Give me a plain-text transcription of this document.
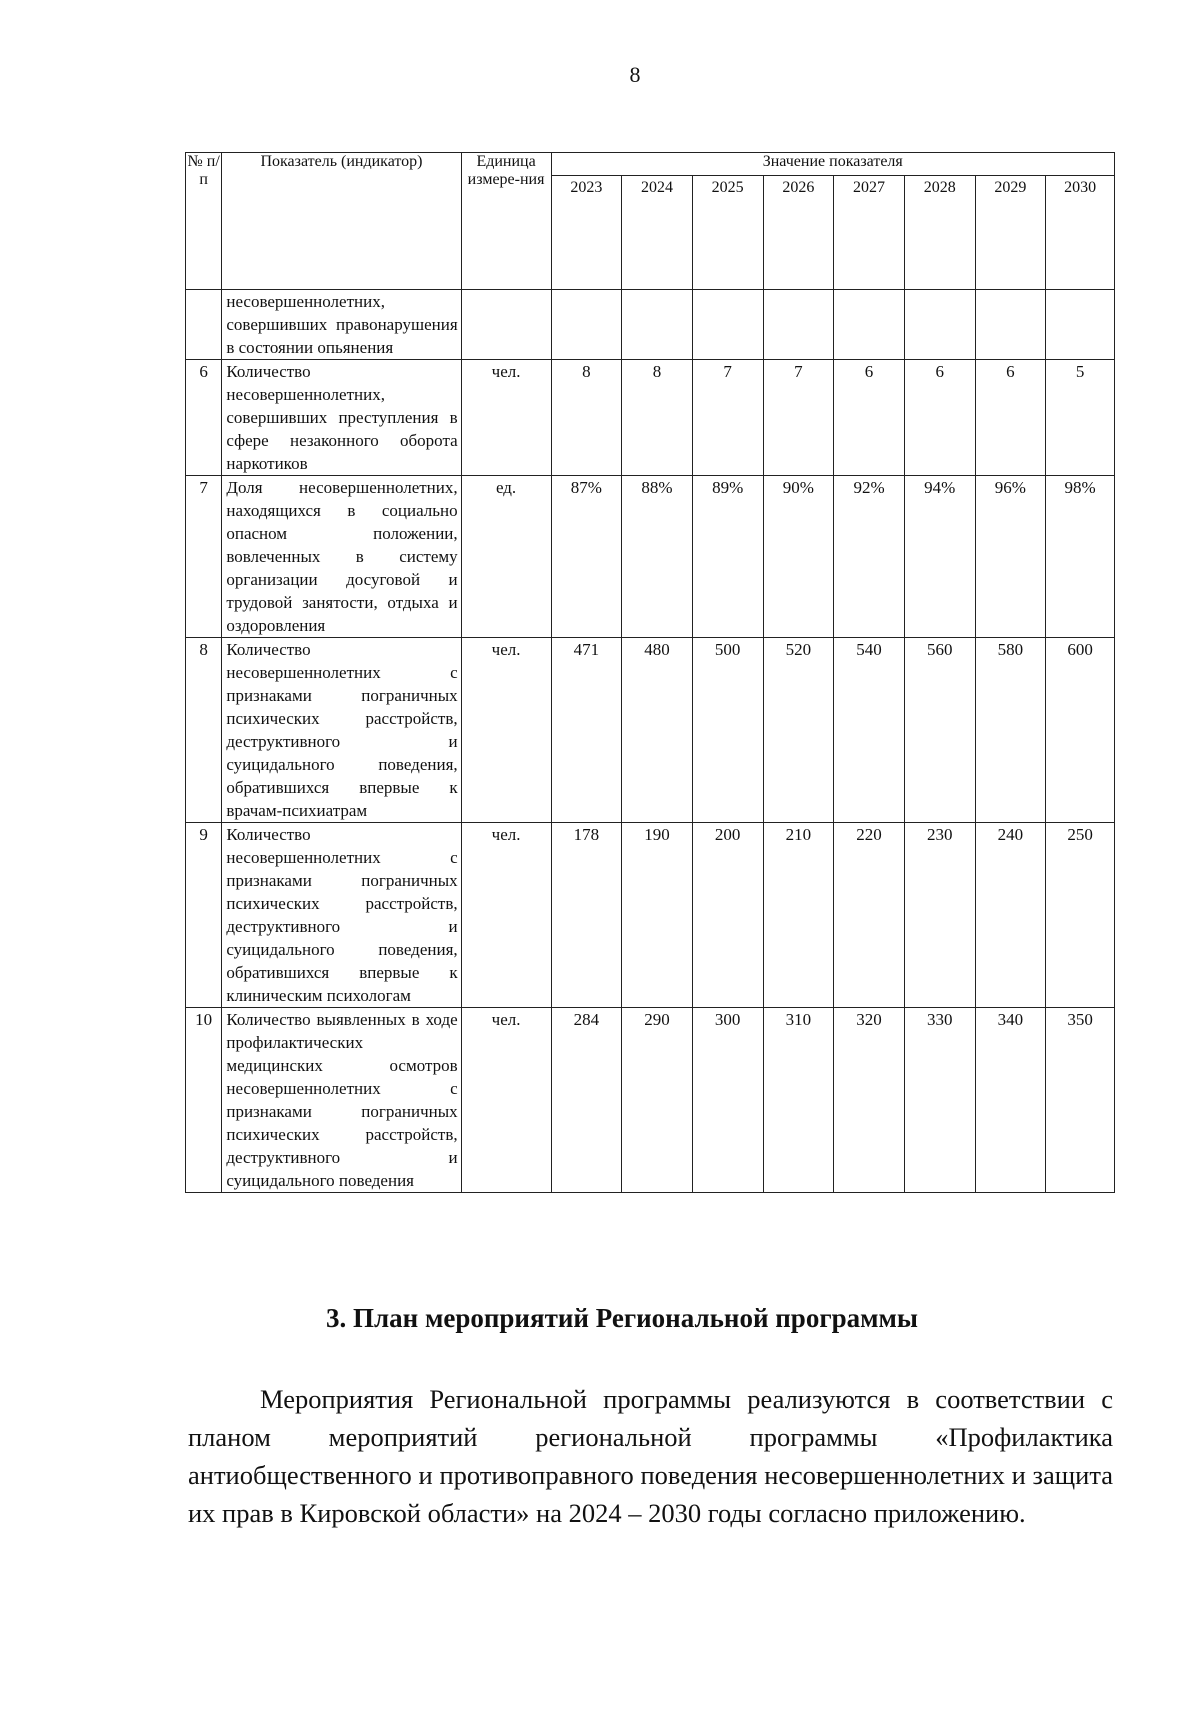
8
№ п/п	Показатель (индикатор)	Единица измере-ния	Значение показателя							
			2023	2024	2025	2026	2027	2028	2029	2030
	несовершеннолетних, совершивших правонарушения в состоянии опьянения									
6	Количество несовершеннолетних, совершивших преступления в сфере незаконного оборота наркотиков	чел.	8	8	7	7	6	6	6	5
7	Доля несовершеннолетних, находящихся в социально опасном положении, вовлеченных в систему организации досуговой и трудовой занятости, отдыха и оздоровления	ед.	87%	88%	89%	90%	92%	94%	96%	98%
8	Количество несовершеннолетних с признаками пограничных психических расстройств, деструктивного и суицидального поведения, обратившихся впервые к врачам-психиатрам	чел.	471	480	500	520	540	560	580	600
9	Количество несовершеннолетних с признаками пограничных психических расстройств, деструктивного и суицидального поведения, обратившихся впервые к клиническим психологам	чел.	178	190	200	210	220	230	240	250
10	Количество выявленных в ходе профилактических медицинских осмотров несовершеннолетних с признаками пограничных психических расстройств, деструктивного и суицидального поведения	чел.	284	290	300	310	320	330	340	350
3. План мероприятий Региональной программы

Мероприятия Региональной программы реализуются в соответствии с планом мероприятий региональной программы «Профилактика антиобщественного и противоправного поведения несовершеннолетних и защита их прав в Кировской области» на 2024 – 2030 годы согласно приложению.
